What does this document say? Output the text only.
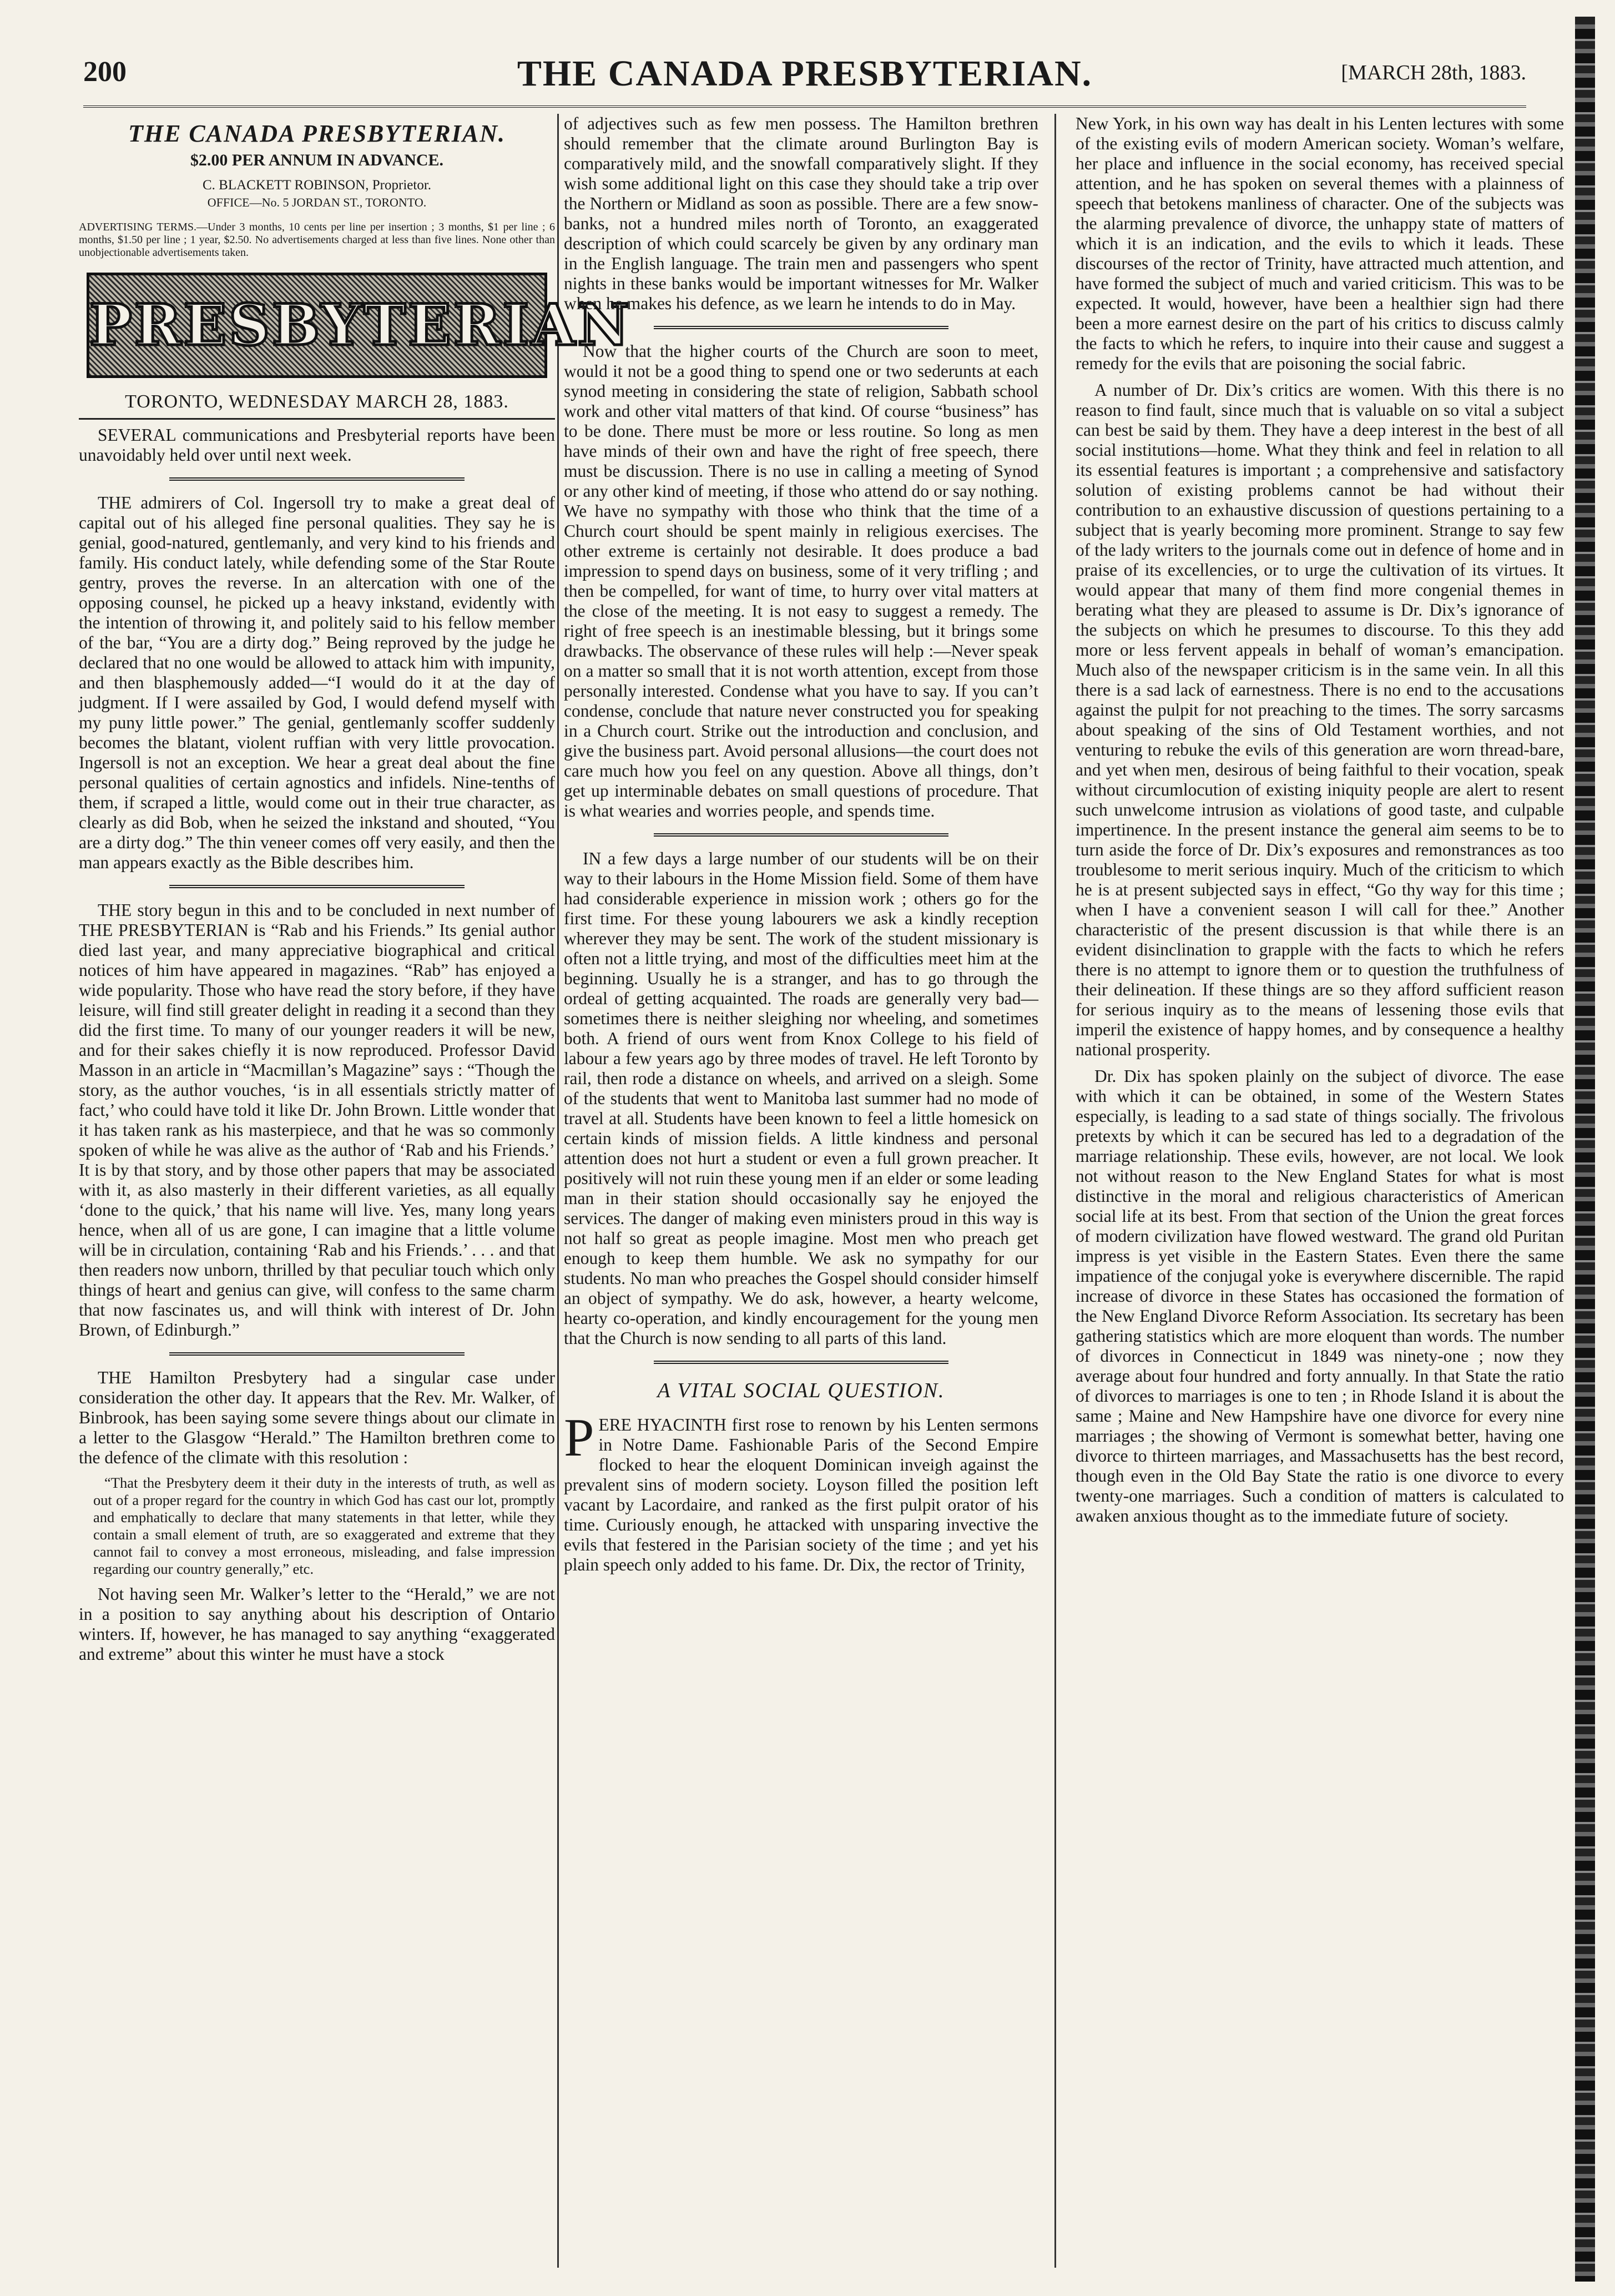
200	THE CANADA PRESBYTERIAN.	[MARCH 28th, 1883.
THE CANADA PRESBYTERIAN.
$2.00 PER ANNUM IN ADVANCE.
C. BLACKETT ROBINSON, Proprietor.
OFFICE—No. 5 JORDAN ST., TORONTO.
ADVERTISING TERMS.—Under 3 months, 10 cents per line per insertion ; 3 months, $1 per line ; 6 months, $1.50 per line ; 1 year, $2.50. No advertisements charged at less than five lines. None other than unobjectionable advertisements taken.
PRESBYTERIAN
TORONTO, WEDNESDAY MARCH 28, 1883.

SEVERAL communications and Presbyterial reports have been unavoidably held over until next week.

THE admirers of Col. Ingersoll try to make a great deal of capital out of his alleged fine personal qualities. They say he is genial, good-natured, gentlemanly, and very kind to his friends and family. His conduct lately, while defending some of the Star Route gentry, proves the reverse. In an altercation with one of the opposing counsel, he picked up a heavy inkstand, evidently with the intention of throwing it, and politely said to his fellow member of the bar, “You are a dirty dog.” Being reproved by the judge he declared that no one would be allowed to attack him with impunity, and then blasphemously added—“I would do it at the day of judgment. If I were assailed by God, I would defend myself with my puny little power.” The genial, gentlemanly scoffer suddenly becomes the blatant, violent ruffian with very little provocation. Ingersoll is not an exception. We hear a great deal about the fine personal qualities of certain agnostics and infidels. Nine-tenths of them, if scraped a little, would come out in their true character, as clearly as did Bob, when he seized the inkstand and shouted, “You are a dirty dog.” The thin veneer comes off very easily, and then the man appears exactly as the Bible describes him.

THE story begun in this and to be concluded in next number of THE PRESBYTERIAN is “Rab and his Friends.” Its genial author died last year, and many appreciative biographical and critical notices of him have appeared in magazines. “Rab” has enjoyed a wide popularity. Those who have read the story before, if they have leisure, will find still greater delight in reading it a second than they did the first time. To many of our younger readers it will be new, and for their sakes chiefly it is now reproduced. Professor David Masson in an article in “Macmillan’s Magazine” says : “Though the story, as the author vouches, ‘is in all essentials strictly matter of fact,’ who could have told it like Dr. John Brown. Little wonder that it has taken rank as his masterpiece, and that he was so commonly spoken of while he was alive as the author of ‘Rab and his Friends.’ It is by that story, and by those other papers that may be associated with it, as also masterly in their different varieties, as all equally ‘done to the quick,’ that his name will live. Yes, many long years hence, when all of us are gone, I can imagine that a little volume will be in circulation, containing ‘Rab and his Friends.’ . . . and that then readers now unborn, thrilled by that peculiar touch which only things of heart and genius can give, will confess to the same charm that now fascinates us, and will think with interest of Dr. John Brown, of Edinburgh.”

THE Hamilton Presbytery had a singular case under consideration the other day. It appears that the Rev. Mr. Walker, of Binbrook, has been saying some severe things about our climate in a letter to the Glasgow “Herald.” The Hamilton brethren come to the defence of the climate with this resolution :

“That the Presbytery deem it their duty in the interests of truth, as well as out of a proper regard for the country in which God has cast our lot, promptly and emphatically to declare that many statements in that letter, while they contain a small element of truth, are so exaggerated and extreme that they cannot fail to convey a most erroneous, misleading, and false impression regarding our country generally,” etc.

Not having seen Mr. Walker’s letter to the “Herald,” we are not in a position to say anything about his description of Ontario winters. If, however, he has managed to say anything “exaggerated and extreme” about this winter he must have a stock

of adjectives such as few men possess. The Hamilton brethren should remember that the climate around Burlington Bay is comparatively mild, and the snowfall comparatively slight. If they wish some additional light on this case they should take a trip over the Northern or Midland as soon as possible. There are a few snow-banks, not a hundred miles north of Toronto, an exaggerated description of which could scarcely be given by any ordinary man in the English language. The train men and passengers who spent nights in these banks would be important witnesses for Mr. Walker when he makes his defence, as we learn he intends to do in May.

Now that the higher courts of the Church are soon to meet, would it not be a good thing to spend one or two sederunts at each synod meeting in considering the state of religion, Sabbath school work and other vital matters of that kind. Of course “business” has to be done. There must be more or less routine. So long as men have minds of their own and have the right of free speech, there must be discussion. There is no use in calling a meeting of Synod or any other kind of meeting, if those who attend do or say nothing. We have no sympathy with those who think that the time of a Church court should be spent mainly in religious exercises. The other extreme is certainly not desirable. It does produce a bad impression to spend days on business, some of it very trifling ; and then be compelled, for want of time, to hurry over vital matters at the close of the meeting. It is not easy to suggest a remedy. The right of free speech is an inestimable blessing, but it brings some drawbacks. The observance of these rules will help :—Never speak on a matter so small that it is not worth attention, except from those personally interested. Condense what you have to say. If you can’t condense, conclude that nature never constructed you for speaking in a Church court. Strike out the introduction and conclusion, and give the business part. Avoid personal allusions—the court does not care much how you feel on any question. Above all things, don’t get up interminable debates on small questions of procedure. That is what wearies and worries people, and spends time.

IN a few days a large number of our students will be on their way to their labours in the Home Mission field. Some of them have had considerable experience in mission work ; others go for the first time. For these young labourers we ask a kindly reception wherever they may be sent. The work of the student missionary is often not a little trying, and most of the difficulties meet him at the beginning. Usually he is a stranger, and has to go through the ordeal of getting acquainted. The roads are generally very bad—sometimes there is neither sleighing nor wheeling, and sometimes both. A friend of ours went from Knox College to his field of labour a few years ago by three modes of travel. He left Toronto by rail, then rode a distance on wheels, and arrived on a sleigh. Some of the students that went to Manitoba last summer had no mode of travel at all. Students have been known to feel a little homesick on certain kinds of mission fields. A little kindness and personal attention does not hurt a student or even a full grown preacher. It positively will not ruin these young men if an elder or some leading man in their station should occasionally say he enjoyed the services. The danger of making even ministers proud in this way is not half so great as people imagine. Most men who preach get enough to keep them humble. We ask no sympathy for our students. No man who preaches the Gospel should consider himself an object of sympathy. We do ask, however, a hearty welcome, hearty co-operation, and kindly encouragement for the young men that the Church is now sending to all parts of this land.

A VITAL SOCIAL QUESTION.

PERE HYACINTH first rose to renown by his Lenten sermons in Notre Dame. Fashionable Paris of the Second Empire flocked to hear the eloquent Dominican inveigh against the prevalent sins of modern society. Loyson filled the position left vacant by Lacordaire, and ranked as the first pulpit orator of his time. Curiously enough, he attacked with unsparing invective the evils that festered in the Parisian society of the time ; and yet his plain speech only added to his fame. Dr. Dix, the rector of Trinity,

New York, in his own way has dealt in his Lenten lectures with some of the existing evils of modern American society. Woman’s welfare, her place and influence in the social economy, has received special attention, and he has spoken on several themes with a plainness of speech that betokens manliness of character. One of the subjects was the alarming prevalence of divorce, the unhappy state of matters of which it is an indication, and the evils to which it leads. These discourses of the rector of Trinity, have attracted much attention, and have formed the subject of much and varied criticism. This was to be expected. It would, however, have been a healthier sign had there been a more earnest desire on the part of his critics to discuss calmly the facts to which he refers, to inquire into their cause and suggest a remedy for the evils that are poisoning the social fabric.

A number of Dr. Dix’s critics are women. With this there is no reason to find fault, since much that is valuable on so vital a subject can best be said by them. They have a deep interest in the best of all social institutions—home. What they think and feel in relation to all its essential features is important ; a comprehensive and satisfactory solution of existing problems cannot be had without their contribution to an exhaustive discussion of questions pertaining to a subject that is yearly becoming more prominent. Strange to say few of the lady writers to the journals come out in defence of home and in praise of its excellencies, or to urge the cultivation of its virtues. It would appear that many of them find more congenial themes in berating what they are pleased to assume is Dr. Dix’s ignorance of the subjects on which he presumes to discourse. To this they add more or less fervent appeals in behalf of woman’s emancipation. Much also of the newspaper criticism is in the same vein. In all this there is a sad lack of earnestness. There is no end to the accusations against the pulpit for not preaching to the times. The sorry sarcasms about speaking of the sins of Old Testament worthies, and not venturing to rebuke the evils of this generation are worn thread-bare, and yet when men, desirous of being faithful to their vocation, speak without circumlocution of existing iniquity people are alert to resent such unwelcome intrusion as violations of good taste, and culpable impertinence. In the present instance the general aim seems to be to turn aside the force of Dr. Dix’s exposures and remonstrances as too troublesome to merit serious inquiry. Much of the criticism to which he is at present subjected says in effect, “Go thy way for this time ; when I have a convenient season I will call for thee.” Another characteristic of the present discussion is that while there is an evident disinclination to grapple with the facts to which he refers there is no attempt to ignore them or to question the truthfulness of their delineation. If these things are so they afford sufficient reason for serious inquiry as to the means of lessening those evils that imperil the existence of happy homes, and by consequence a healthy national prosperity.

Dr. Dix has spoken plainly on the subject of divorce. The ease with which it can be obtained, in some of the Western States especially, is leading to a sad state of things socially. The frivolous pretexts by which it can be secured has led to a degradation of the marriage relationship. These evils, however, are not local. We look not without reason to the New England States for what is most distinctive in the moral and religious characteristics of American social life at its best. From that section of the Union the great forces of modern civilization have flowed westward. The grand old Puritan impress is yet visible in the Eastern States. Even there the same impatience of the conjugal yoke is everywhere discernible. The rapid increase of divorce in these States has occasioned the formation of the New England Divorce Reform Association. Its secretary has been gathering statistics which are more eloquent than words. The number of divorces in Connecticut in 1849 was ninety-one ; now they average about four hundred and forty annually. In that State the ratio of divorces to marriages is one to ten ; in Rhode Island it is about the same ; Maine and New Hampshire have one divorce for every nine marriages ; the showing of Vermont is somewhat better, having one divorce to thirteen marriages, and Massachusetts has the best record, though even in the Old Bay State the ratio is one divorce to every twenty-one marriages. Such a condition of matters is calculated to awaken anxious thought as to the immediate future of society.
